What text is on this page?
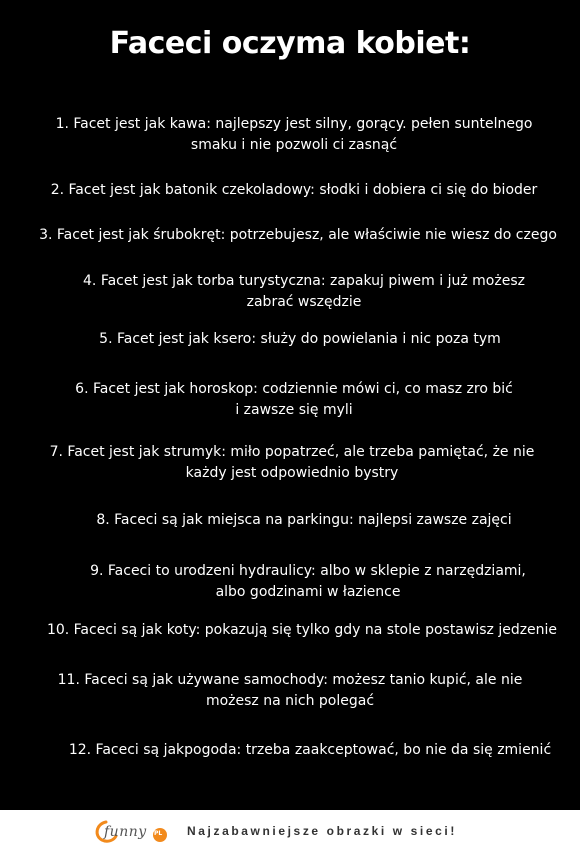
Faceci oczyma kobiet:
1. Facet jest jak kawa: najlepszy jest silny, gorący. pełen suntelnego
smaku i nie pozwoli ci zasnąć
2. Facet jest jak batonik czekoladowy: słodki i dobiera ci się do bioder
3. Facet jest jak śrubokręt: potrzebujesz, ale właściwie nie wiesz do czego
4. Facet jest jak torba turystyczna: zapakuj piwem i już możesz
zabrać wszędzie
5. Facet jest jak ksero: służy do powielania i nic poza tym
6. Facet jest jak horoskop: codziennie mówi ci, co masz zro bić
i zawsze się myli
7. Facet jest jak strumyk: miło popatrzeć, ale trzeba pamiętać, że nie
każdy jest odpowiednio bystry
8. Faceci są jak miejsca na parkingu: najlepsi zawsze zajęci
9. Faceci to urodzeni hydraulicy: albo w sklepie z narzędziami,
albo godzinami w łazience
10. Faceci są jak koty: pokazują się tylko gdy na stole postawisz jedzenie
11. Faceci są jak używane samochody: możesz tanio kupić, ale nie
możesz na nich polegać
12. Faceci są jakpogoda: trzeba zaakceptować, bo nie da się zmienić
funny PL Najzabawniejsze obrazki w sieci!
